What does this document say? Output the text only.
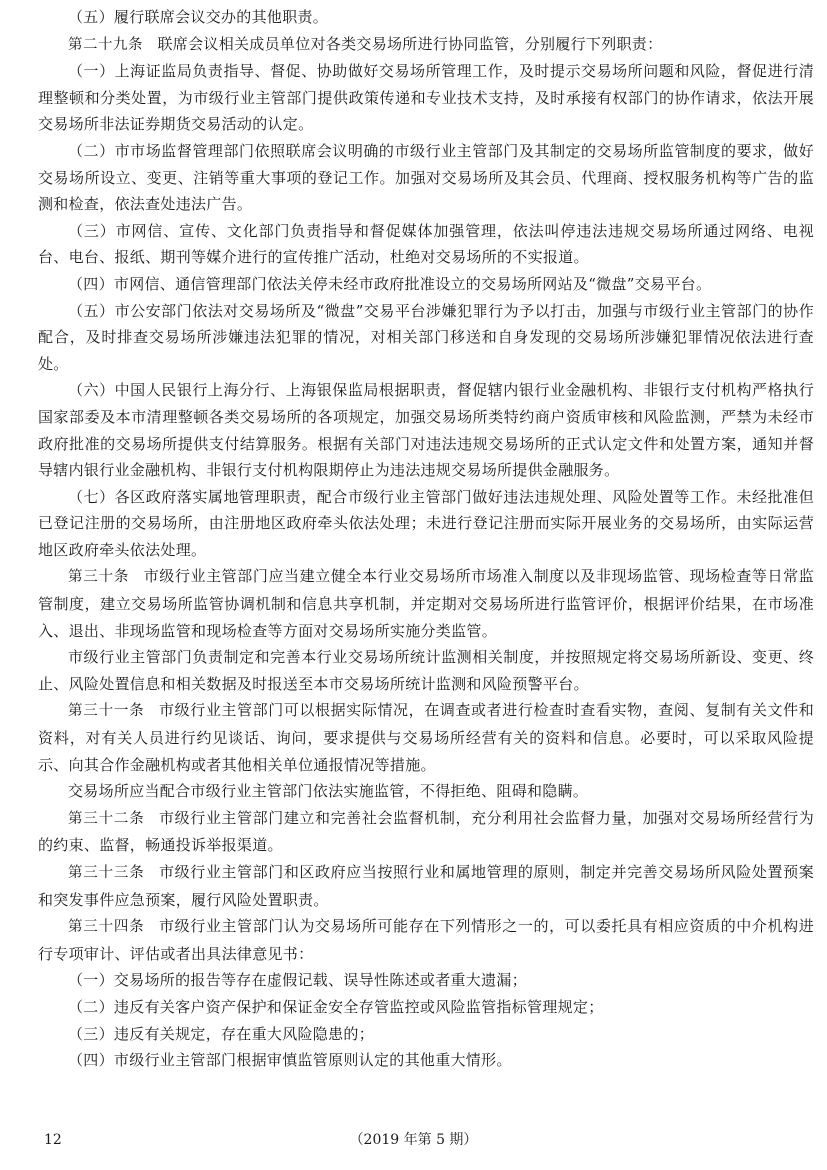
（五）履行联席会议交办的其他职责。

第二十九条 联席会议相关成员单位对各类交易场所进行协同监管，分别履行下列职责：

（一）上海证监局负责指导、督促、协助做好交易场所管理工作，及时提示交易场所问题和风险，督促进行清理整顿和分类处置，为市级行业主管部门提供政策传递和专业技术支持，及时承接有权部门的协作请求，依法开展交易场所非法证券期货交易活动的认定。

（二）市市场监督管理部门依照联席会议明确的市级行业主管部门及其制定的交易场所监管制度的要求，做好交易场所设立、变更、注销等重大事项的登记工作。加强对交易场所及其会员、代理商、授权服务机构等广告的监测和检查，依法查处违法广告。

（三）市网信、宣传、文化部门负责指导和督促媒体加强管理，依法叫停违法违规交易场所通过网络、电视台、电台、报纸、期刊等媒介进行的宣传推广活动，杜绝对交易场所的不实报道。

（四）市网信、通信管理部门依法关停未经市政府批准设立的交易场所网站及“微盘”交易平台。

（五）市公安部门依法对交易场所及“微盘”交易平台涉嫌犯罪行为予以打击，加强与市级行业主管部门的协作配合，及时排查交易场所涉嫌违法犯罪的情况，对相关部门移送和自身发现的交易场所涉嫌犯罪情况依法进行查处。

（六）中国人民银行上海分行、上海银保监局根据职责，督促辖内银行业金融机构、非银行支付机构严格执行国家部委及本市清理整顿各类交易场所的各项规定，加强交易场所类特约商户资质审核和风险监测，严禁为未经市政府批准的交易场所提供支付结算服务。根据有关部门对违法违规交易场所的正式认定文件和处置方案，通知并督导辖内银行业金融机构、非银行支付机构限期停止为违法违规交易场所提供金融服务。

（七）各区政府落实属地管理职责，配合市级行业主管部门做好违法违规处理、风险处置等工作。未经批准但已登记注册的交易场所，由注册地区政府牵头依法处理；未进行登记注册而实际开展业务的交易场所，由实际运营地区政府牵头依法处理。

第三十条 市级行业主管部门应当建立健全本行业交易场所市场准入制度以及非现场监管、现场检查等日常监管制度，建立交易场所监管协调机制和信息共享机制，并定期对交易场所进行监管评价，根据评价结果，在市场准入、退出、非现场监管和现场检查等方面对交易场所实施分类监管。

市级行业主管部门负责制定和完善本行业交易场所统计监测相关制度，并按照规定将交易场所新设、变更、终止、风险处置信息和相关数据及时报送至本市交易场所统计监测和风险预警平台。

第三十一条 市级行业主管部门可以根据实际情况，在调查或者进行检查时查看实物，查阅、复制有关文件和资料，对有关人员进行约见谈话、询问，要求提供与交易场所经营有关的资料和信息。必要时，可以采取风险提示、向其合作金融机构或者其他相关单位通报情况等措施。

交易场所应当配合市级行业主管部门依法实施监管，不得拒绝、阻碍和隐瞒。

第三十二条 市级行业主管部门建立和完善社会监督机制，充分利用社会监督力量，加强对交易场所经营行为的约束、监督，畅通投诉举报渠道。

第三十三条 市级行业主管部门和区政府应当按照行业和属地管理的原则，制定并完善交易场所风险处置预案和突发事件应急预案，履行风险处置职责。

第三十四条 市级行业主管部门认为交易场所可能存在下列情形之一的，可以委托具有相应资质的中介机构进行专项审计、评估或者出具法律意见书：

（一）交易场所的报告等存在虚假记载、误导性陈述或者重大遗漏；

（二）违反有关客户资产保护和保证金安全存管监控或风险监管指标管理规定；

（三）违反有关规定，存在重大风险隐患的；

（四）市级行业主管部门根据审慎监管原则认定的其他重大情形。

12	（2019 年第 5 期）
